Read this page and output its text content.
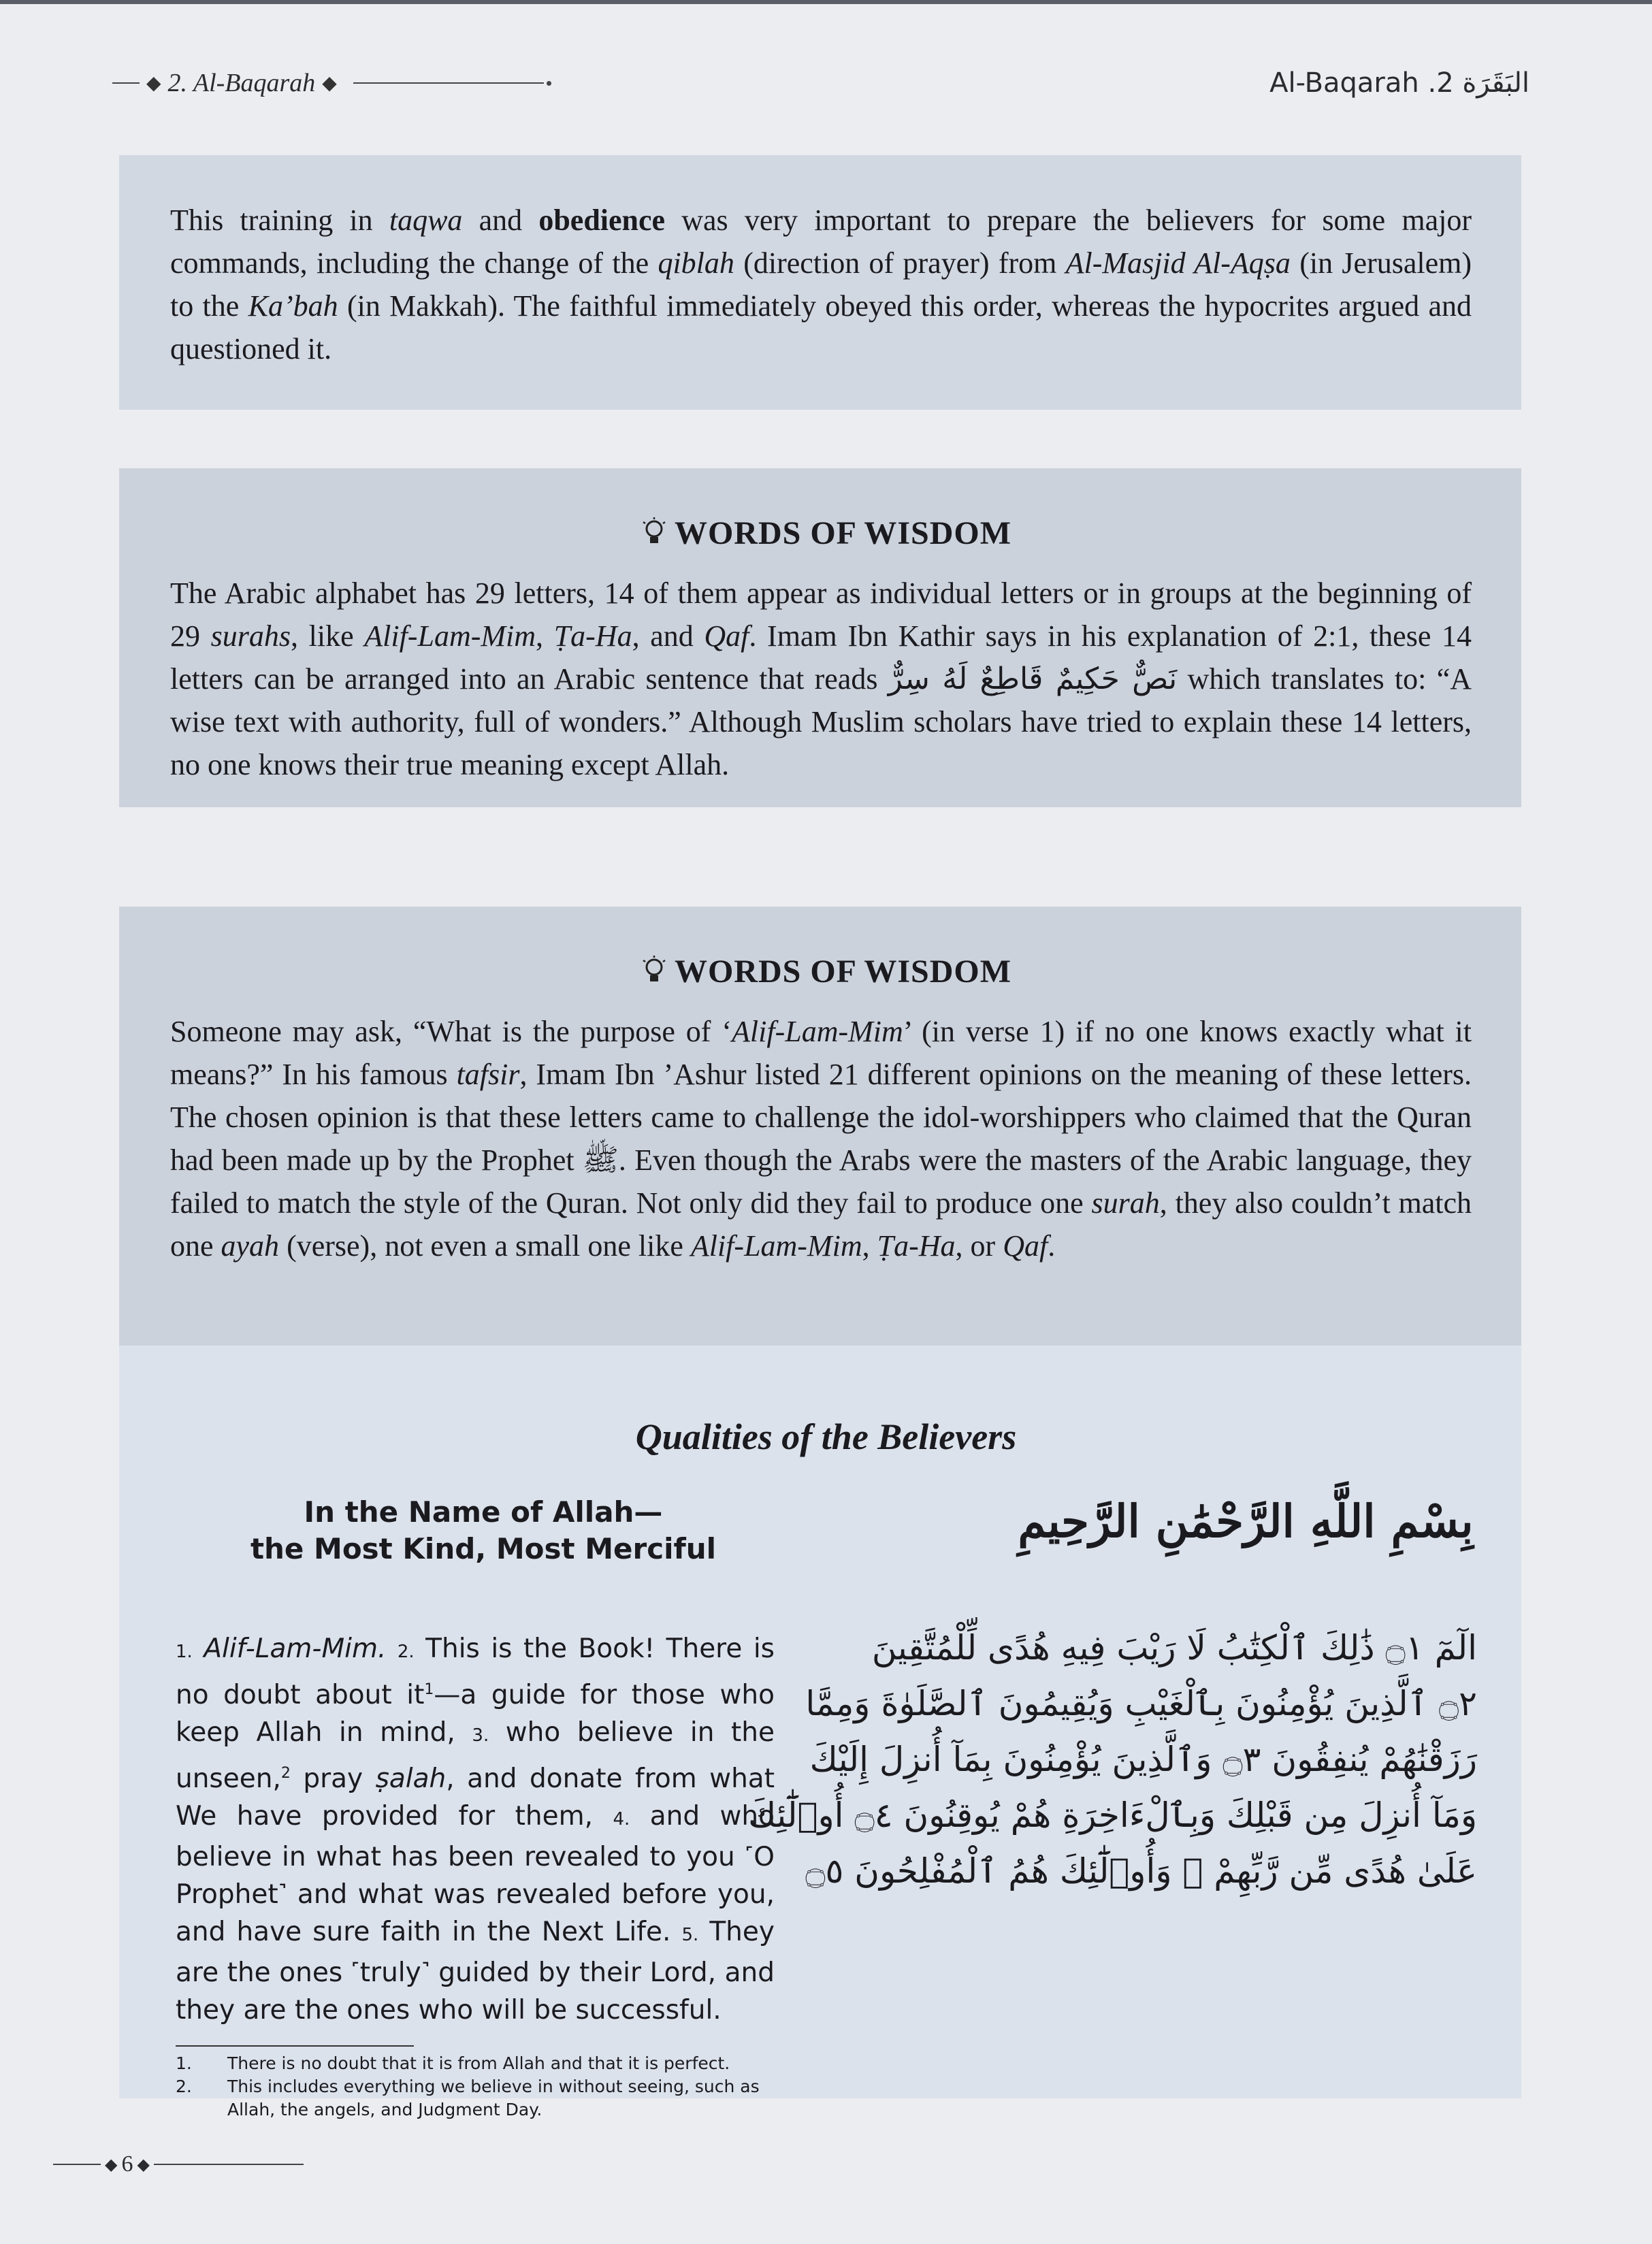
◆ 2. Al-Baqarah ◆	البَقَرَة 2. Al-Baqarah
This training in taqwa and obedience was very important to prepare the believers for some major commands, including the change of the qiblah (direction of prayer) from Al-Masjid Al-Aqṣa (in Jerusalem) to the Ka’bah (in Makkah). The faithful immediately obeyed this order, whereas the hypocrites argued and questioned it.
WORDS OF WISDOM
The Arabic alphabet has 29 letters, 14 of them appear as individual letters or in groups at the beginning of 29 surahs, like Alif-Lam-Mim, Ṭa-Ha, and Qaf. Imam Ibn Kathir says in his explanation of 2:1, these 14 letters can be arranged into an Arabic sentence that reads نَصٌّ حَكِيمٌ قَاطِعٌ لَهُ سِرٌّ which translates to: “A wise text with authority, full of wonders.” Although Muslim scholars have tried to explain these 14 letters, no one knows their true meaning except Allah.
WORDS OF WISDOM
Someone may ask, “What is the purpose of ‘Alif-Lam-Mim’ (in verse 1) if no one knows exactly what it means?” In his famous tafsir, Imam Ibn ’Ashur listed 21 different opinions on the meaning of these letters. The chosen opinion is that these letters came to challenge the idol-worshippers who claimed that the Quran had been made up by the Prophet ﷺ. Even though the Arabs were the masters of the Arabic language, they failed to match the style of the Quran. Not only did they fail to produce one surah, they also couldn’t match one ayah (verse), not even a small one like Alif-Lam-Mim, Ṭa-Ha, or Qaf.
Qualities of the Believers
In the Name of Allah—
the Most Kind, Most Merciful
بِسْمِ اللَّهِ الرَّحْمَٰنِ الرَّحِيمِ
1. Alif-Lam-Mim. 2. This is the Book! There is no doubt about $it^1—a$ guide for those who keep Allah in mind, 3. who believe in the unseen,$^2$ pray ṣalah, and donate from what We have provided for them, 4. and who believe in what has been revealed to you ˹O Prophet˺ and what was revealed before you, and have sure faith in the Next Life. 5. They are the ones ˹truly˺ guided by their Lord, and they are the ones who will be successful.
الٓمٓ ۝١ ذَٰلِكَ ٱلْكِتَٰبُ لَا رَيْبَ فِيهِ هُدًى لِّلْمُتَّقِينَ
۝٢ ٱلَّذِينَ يُؤْمِنُونَ بِٱلْغَيْبِ وَيُقِيمُونَ ٱلصَّلَوٰةَ وَمِمَّا
رَزَقْنَٰهُمْ يُنفِقُونَ ۝٣ وَٱلَّذِينَ يُؤْمِنُونَ بِمَآ أُنزِلَ إِلَيْكَ
وَمَآ أُنزِلَ مِن قَبْلِكَ وَبِٱلْءَاخِرَةِ هُمْ يُوقِنُونَ ۝٤ أُو۟لَٰٓئِكَ
عَلَىٰ هُدًى مِّن رَّبِّهِمْ ۖ وَأُو۟لَٰٓئِكَ هُمُ ٱلْمُفْلِحُونَ ۝٥
1.	There is no doubt that it is from Allah and that it is perfect.
2.	This includes everything we believe in without seeing, such as Allah, the angels, and Judgment Day.
◆ 6 ◆
